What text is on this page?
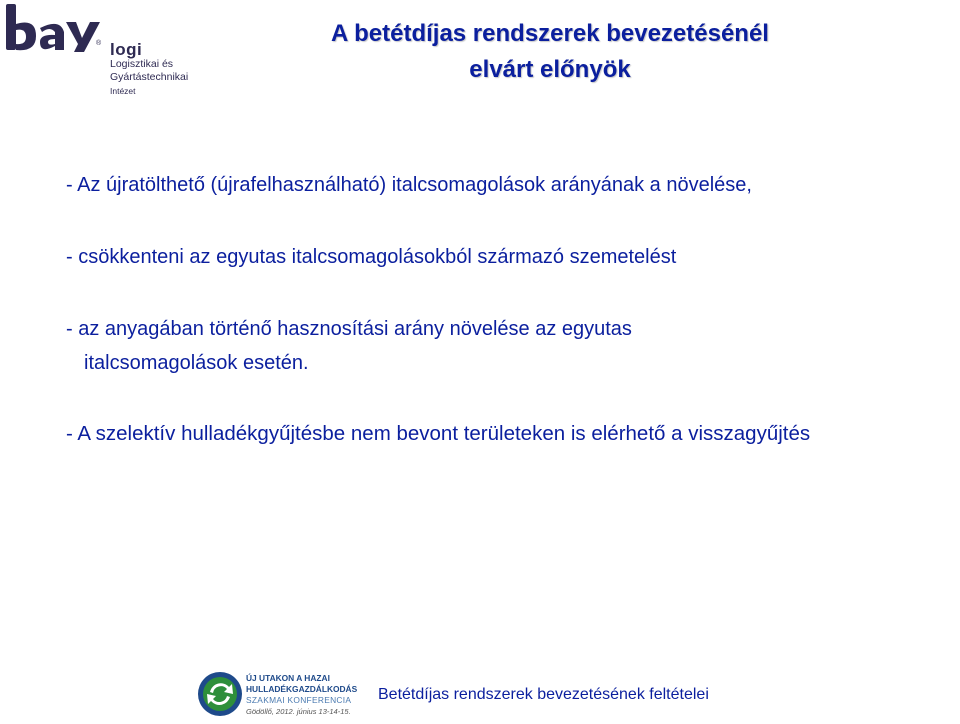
® logi
Logisztikai és
Gyártástechnikai
Intézet
A betétdíjas rendszerek bevezetésénél
elvárt előnyök

- Az újratölthető (újrafelhasználható) italcsomagolások arányának a növelése,

- csökkenteni az egyutas italcsomagolásokból származó szemetelést

- az anyagában történő hasznosítási arány növelése az egyutas

italcsomagolások esetén.

- A szelektív hulladékgyűjtésbe nem bevont területeken is elérhető a visszagyűjtés

ÚJ UTAKON A HAZAI
HULLADÉKGAZDÁLKODÁS
SZAKMAI KONFERENCIA
Gödöllő, 2012. június 13-14-15.
Betétdíjas rendszerek bevezetésének feltételei
